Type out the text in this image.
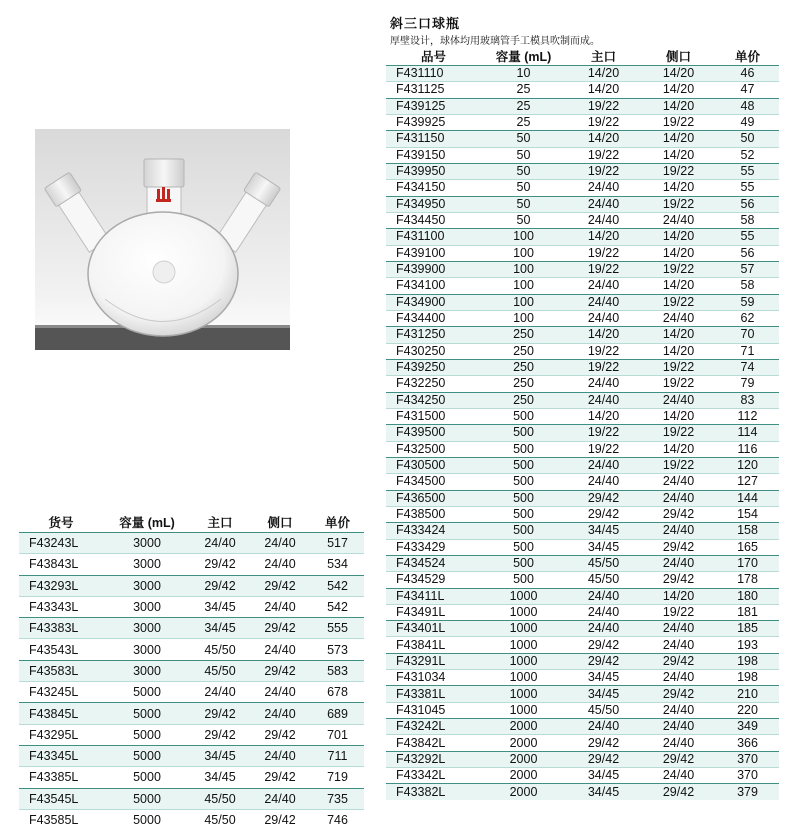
斜三口球瓶
厚壁设计，球体均用玻璃管手工模具吹制而成。
品号	容量 (mL)	主口	侧口	单价
F431110	10	14/20	14/20	46
F431125	25	14/20	14/20	47
F439125	25	19/22	14/20	48
F439925	25	19/22	19/22	49
F431150	50	14/20	14/20	50
F439150	50	19/22	14/20	52
F439950	50	19/22	19/22	55
F434150	50	24/40	14/20	55
F434950	50	24/40	19/22	56
F434450	50	24/40	24/40	58
F431100	100	14/20	14/20	55
F439100	100	19/22	14/20	56
F439900	100	19/22	19/22	57
F434100	100	24/40	14/20	58
F434900	100	24/40	19/22	59
F434400	100	24/40	24/40	62
F431250	250	14/20	14/20	70
F430250	250	19/22	14/20	71
F439250	250	19/22	19/22	74
F432250	250	24/40	19/22	79
F434250	250	24/40	24/40	83
F431500	500	14/20	14/20	112
F439500	500	19/22	19/22	114
F432500	500	19/22	14/20	116
F430500	500	24/40	19/22	120
F434500	500	24/40	24/40	127
F436500	500	29/42	24/40	144
F438500	500	29/42	29/42	154
F433424	500	34/45	24/40	158
F433429	500	34/45	29/42	165
F434524	500	45/50	24/40	170
F434529	500	45/50	29/42	178
F43411L	1000	24/40	14/20	180
F43491L	1000	24/40	19/22	181
F43401L	1000	24/40	24/40	185
F43841L	1000	29/42	24/40	193
F43291L	1000	29/42	29/42	198
F431034	1000	34/45	24/40	198
F43381L	1000	34/45	29/42	210
F431045	1000	45/50	24/40	220
F43242L	2000	24/40	24/40	349
F43842L	2000	29/42	24/40	366
F43292L	2000	29/42	29/42	370
F43342L	2000	34/45	24/40	370
F43382L	2000	34/45	29/42	379
货号	容量 (mL)	主口	侧口	单价
F43243L	3000	24/40	24/40	517
F43843L	3000	29/42	24/40	534
F43293L	3000	29/42	29/42	542
F43343L	3000	34/45	24/40	542
F43383L	3000	34/45	29/42	555
F43543L	3000	45/50	24/40	573
F43583L	3000	45/50	29/42	583
F43245L	5000	24/40	24/40	678
F43845L	5000	29/42	24/40	689
F43295L	5000	29/42	29/42	701
F43345L	5000	34/45	24/40	711
F43385L	5000	34/45	29/42	719
F43545L	5000	45/50	24/40	735
F43585L	5000	45/50	29/42	746
